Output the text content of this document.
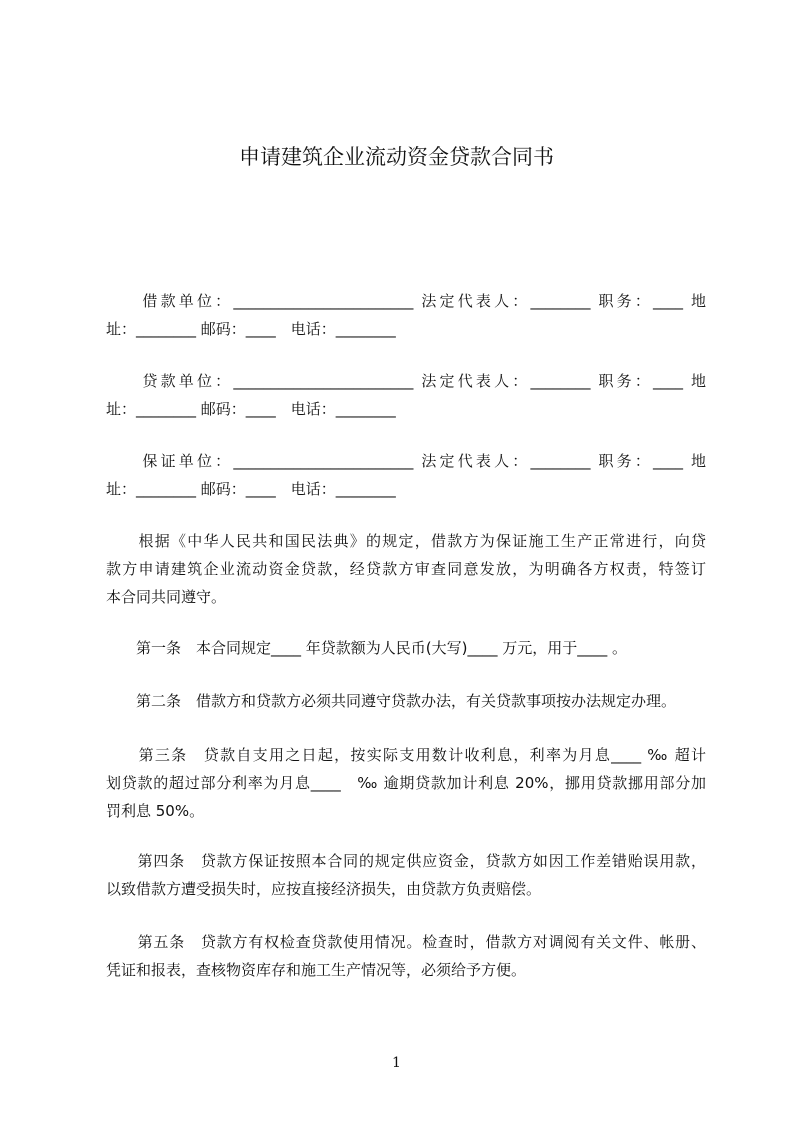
申请建筑企业流动资金贷款合同书

　　借款单位：________________________ 法定代表人：________ 职务：____ 地
址：________ 邮码：____　电话：________

　　贷款单位：________________________ 法定代表人：________ 职务：____ 地
址：________ 邮码：____　电话：________

　　保证单位：________________________ 法定代表人：________ 职务：____ 地
址：________ 邮码：____　电话：________

　　根据《中华人民共和国民法典》的规定，借款方为保证施工生产正常进行，向贷
款方申请建筑企业流动资金贷款，经贷款方审查同意发放，为明确各方权责，特签订
本合同共同遵守。

　　第一条　本合同规定____ 年贷款额为人民币(大写)____ 万元，用于____ 。

　　第二条　借款方和贷款方必须共同遵守贷款办法，有关贷款事项按办法规定办理。

　　第三条　贷款自支用之日起，按实际支用数计收利息，利率为月息____ ‰ 超计
划贷款的超过部分利率为月息____　‰ 逾期贷款加计利息 20%，挪用贷款挪用部分加
罚利息 50%。

　　第四条　贷款方保证按照本合同的规定供应资金，贷款方如因工作差错贻误用款，
以致借款方遭受损失时，应按直接经济损失，由贷款方负责赔偿。

　　第五条　贷款方有权检查贷款使用情况。检查时，借款方对调阅有关文件、帐册、
凭证和报表，查核物资库存和施工生产情况等，必须给予方便。

1
